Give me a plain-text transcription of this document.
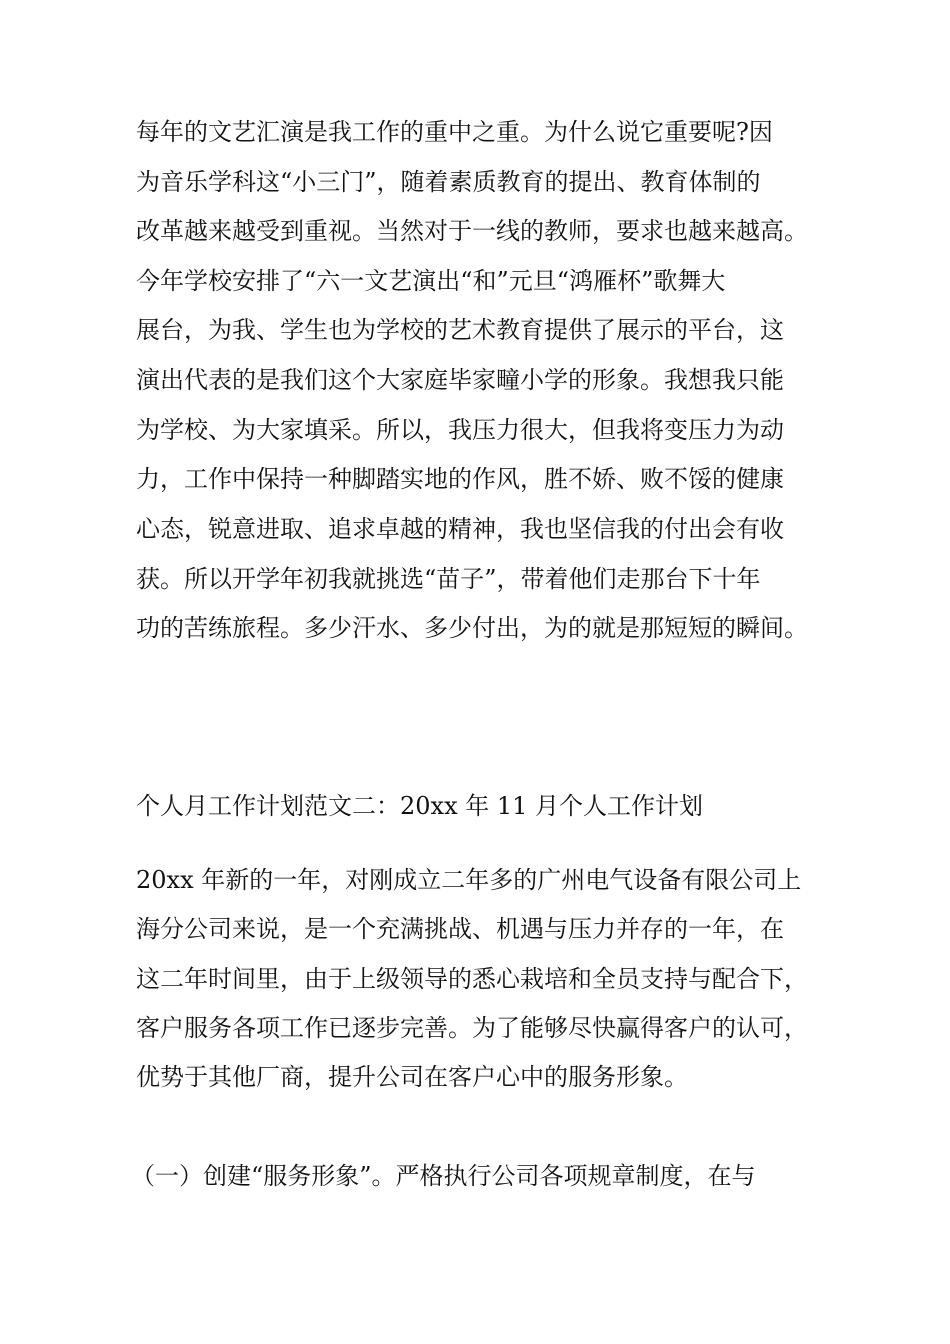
每年的文艺汇演是我工作的重中之重。为什么说它重要呢?因
为音乐学科这“小三门”，随着素质教育的提出、教育体制的
改革越来越受到重视。当然对于一线的教师，要求也越来越高。
今年学校安排了“六一文艺演出“和”元旦“鸿雁杯”歌舞大
展台，为我、学生也为学校的艺术教育提供了展示的平台，这
演出代表的是我们这个大家庭毕家疃小学的形象。我想我只能
为学校、为大家填采。所以，我压力很大，但我将变压力为动
力，工作中保持一种脚踏实地的作风，胜不娇、败不馁的健康
心态，锐意进取、追求卓越的精神，我也坚信我的付出会有收
获。所以开学年初我就挑选“苗子”，带着他们走那台下十年
功的苦练旅程。多少汗水、多少付出，为的就是那短短的瞬间。
个人月工作计划范文二：20xx 年 11 月个人工作计划
20xx 年新的一年，对刚成立二年多的广州电气设备有限公司上
海分公司来说，是一个充满挑战、机遇与压力并存的一年，在
这二年时间里，由于上级领导的悉心栽培和全员支持与配合下，
客户服务各项工作已逐步完善。为了能够尽快赢得客户的认可，
优势于其他厂商，提升公司在客户心中的服务形象。
（一）创建“服务形象”。严格执行公司各项规章制度，在与
